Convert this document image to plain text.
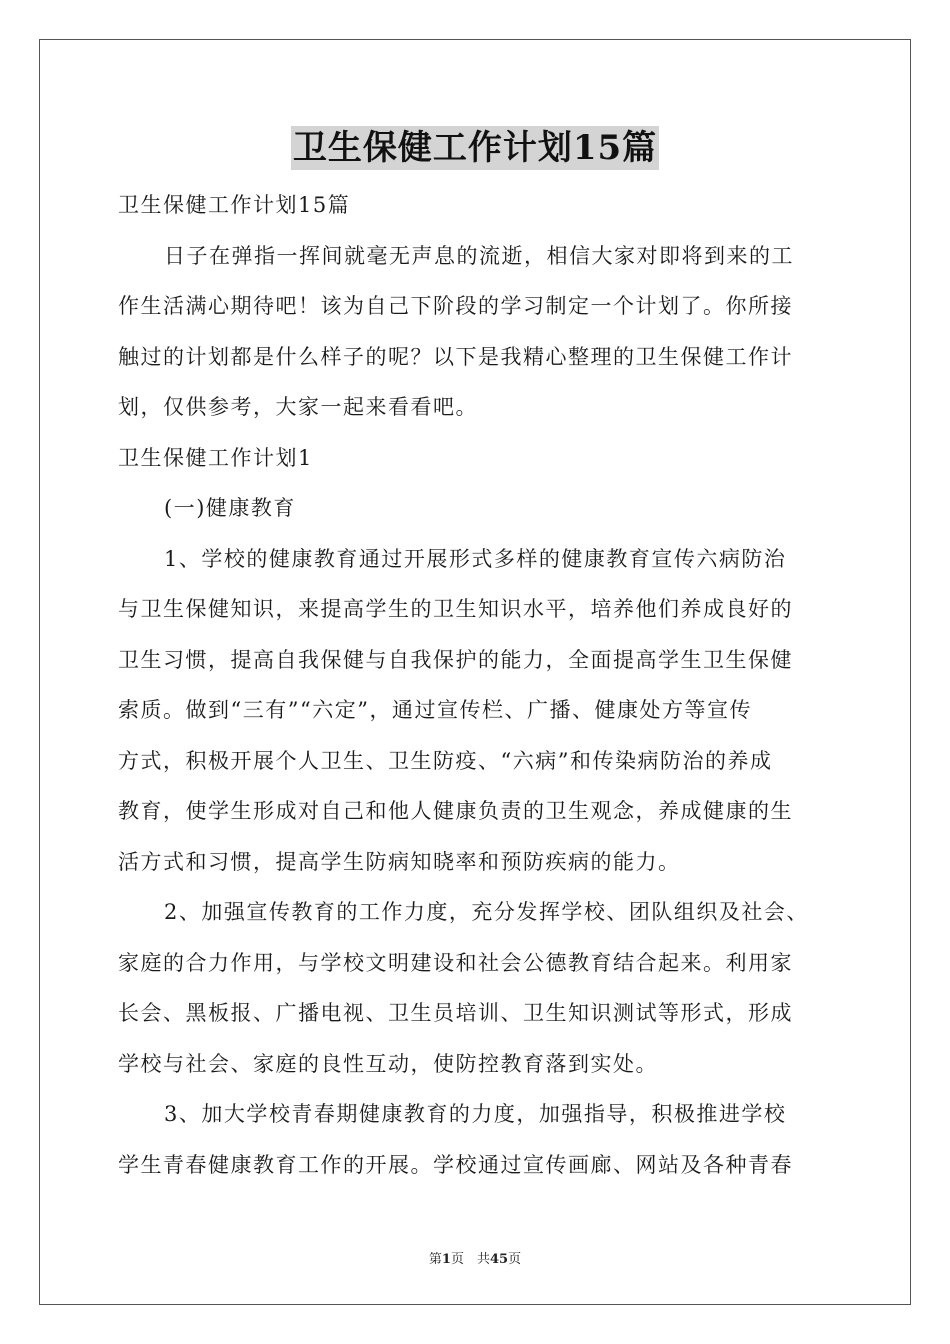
卫生保健工作计划15篇
卫生保健工作计划15篇
日子在弹指一挥间就毫无声息的流逝，相信大家对即将到来的工
作生活满心期待吧！该为自己下阶段的学习制定一个计划了。你所接
触过的计划都是什么样子的呢？以下是我精心整理的卫生保健工作计
划，仅供参考，大家一起来看看吧。
卫生保健工作计划1
(一)健康教育
1、学校的健康教育通过开展形式多样的健康教育宣传六病防治
与卫生保健知识，来提高学生的卫生知识水平，培养他们养成良好的
卫生习惯，提高自我保健与自我保护的能力，全面提高学生卫生保健
索质。做到“三有”“六定”，通过宣传栏、广播、健康处方等宣传
方式，积极开展个人卫生、卫生防疫、“六病”和传染病防治的养成
教育，使学生形成对自己和他人健康负责的卫生观念，养成健康的生
活方式和习惯，提高学生防病知晓率和预防疾病的能力。
2、加强宣传教育的工作力度，充分发挥学校、团队组织及社会、
家庭的合力作用，与学校文明建设和社会公德教育结合起来。利用家
长会、黑板报、广播电视、卫生员培训、卫生知识测试等形式，形成
学校与社会、家庭的良性互动，使防控教育落到实处。
3、加大学校青春期健康教育的力度，加强指导，积极推进学校
学生青春健康教育工作的开展。学校通过宣传画廊、网站及各种青春
第1页　共45页
